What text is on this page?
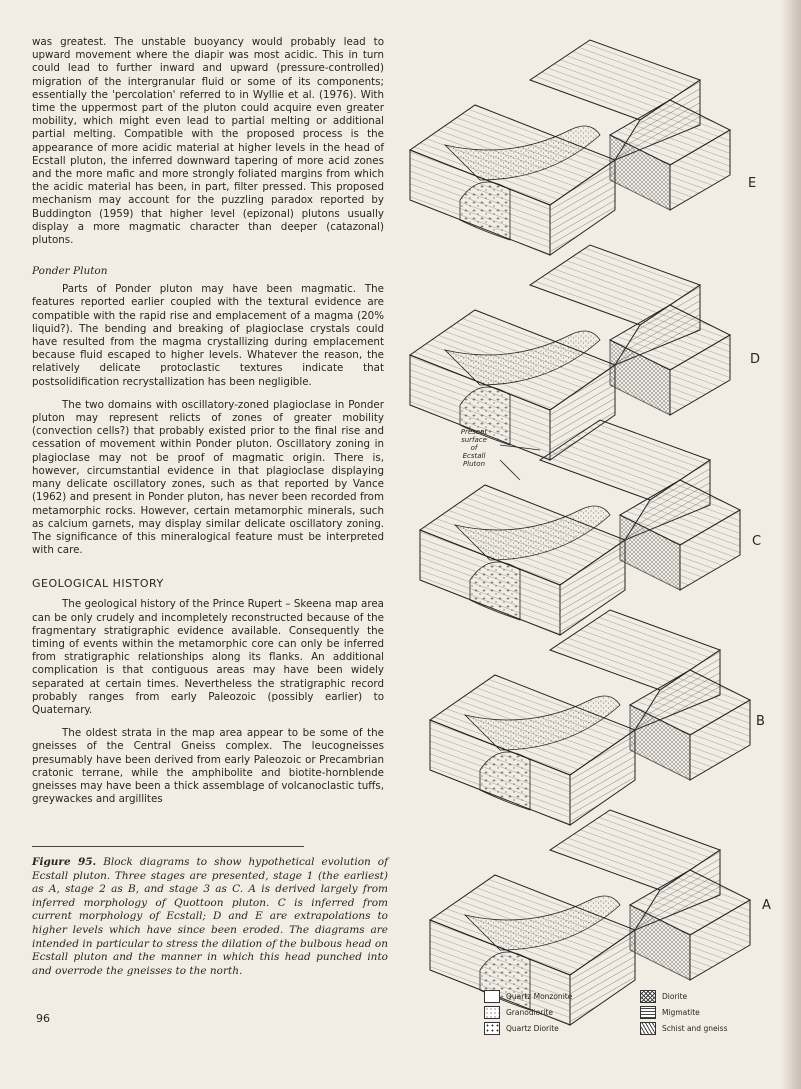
was greatest. The unstable buoyancy would probably lead to upward movement where the diapir was most acidic. This in turn could lead to further inward and upward (pressure-controlled) migration of the intergranular fluid or some of its components; essentially the 'percolation' referred to in Wyllie et al. (1976). With time the uppermost part of the pluton could acquire even greater mobility, which might even lead to partial melting or additional partial melting. Compatible with the proposed process is the appearance of more acidic material at higher levels in the head of Ecstall pluton, the inferred downward tapering of more acid zones and the more mafic and more strongly foliated margins from which the acidic material has been, in part, filter pressed. This proposed mechanism may account for the puzzling paradox reported by Buddington (1959) that higher level (epizonal) plutons usually display a more magmatic character than deeper (catazonal) plutons.

Ponder Pluton

Parts of Ponder pluton may have been magmatic. The features reported earlier coupled with the textural evidence are compatible with the rapid rise and emplacement of a magma (20% liquid?). The bending and breaking of plagioclase crystals could have resulted from the magma crystallizing during emplacement because fluid escaped to higher levels. Whatever the reason, the relatively delicate protoclastic textures indicate that postsolidification recrystallization has been negligible.

The two domains with oscillatory-zoned plagioclase in Ponder pluton may represent relicts of zones of greater mobility (convection cells?) that probably existed prior to the final rise and cessation of movement within Ponder pluton. Oscillatory zoning in plagioclase may not be proof of magmatic origin. There is, however, circumstantial evidence in that plagioclase displaying many delicate oscillatory zones, such as that reported by Vance (1962) and present in Ponder pluton, has never been recorded from metamorphic rocks. However, certain metamorphic minerals, such as calcium garnets, may display similar delicate oscillatory zoning. The significance of this mineralogical feature must be interpreted with care.

GEOLOGICAL HISTORY

The geological history of the Prince Rupert – Skeena map area can be only crudely and incompletely reconstructed because of the fragmentary stratigraphic evidence available. Consequently the timing of events within the metamorphic core can only be inferred from stratigraphic relationships along its flanks. An additional complication is that contiguous areas may have been widely separated at certain times. Nevertheless the stratigraphic record probably ranges from early Paleozoic (possibly earlier) to Quaternary.

The oldest strata in the map area appear to be some of the gneisses of the Central Gneiss complex. The leucogneisses presumably have been derived from early Paleozoic or Precambrian cratonic terrane, while the amphibolite and biotite-hornblende gneisses may have been a thick assemblage of volcanoclastic tuffs, greywackes and argillites

Figure 95. Block diagrams to show hypothetical evolution of Ecstall pluton. Three stages are presented, stage 1 (the earliest) as A, stage 2 as B, and stage 3 as C. A is derived largely from inferred morphology of Quottoon pluton. C is inferred from current morphology of Ecstall; D and E are extrapolations to higher levels which have since been eroded. The diagrams are intended in particular to stress the dilation of the bulbous head on Ecstall pluton and the manner in which this head punched into and overrode the gneisses to the north.
96
E
D
C
B
A
Present
surface
of
Ecstall
Pluton
Quartz Monzonite
Granodiorite
Quartz Diorite
Diorite
Migmatite
Schist and gneiss
